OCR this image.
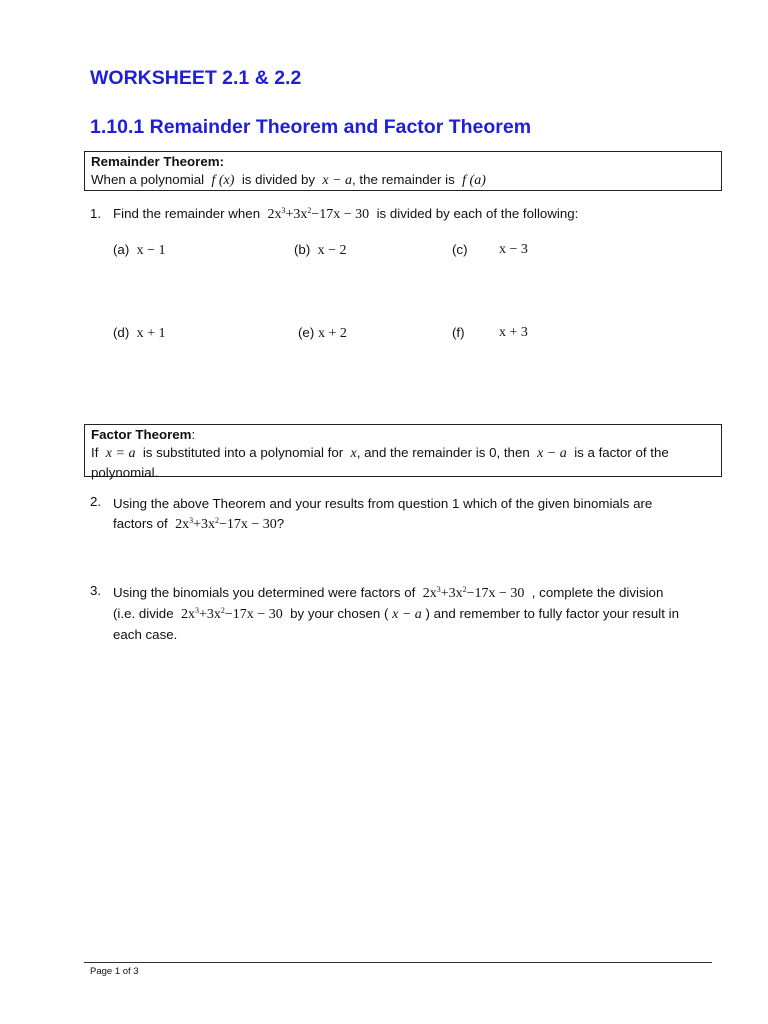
WORKSHEET 2.1 & 2.2
1.10.1 Remainder Theorem and Factor Theorem
Remainder Theorem:
When a polynomial f (x) is divided by x − a, the remainder is f (a)
1. Find the remainder when $2x^3+3x^2-17x - 30$ is divided by each of the following:
(a) x − 1	(b) x − 2	(c) x − 3
(d) x + 1	(e) x + 2	(f) x + 3
Factor Theorem:
If x = a is substituted into a polynomial for x, and the remainder is 0, then x − a is a factor of the polynomial.
2. Using the above Theorem and your results from question 1 which of the given binomials are
factors of $2x^3+3x^2-17x - 30$?
3. Using the binomials you determined were factors of $2x^3+3x^2-17x - 30$ , complete the division
(i.e. divide $2x^3+3x^2-17x - 30$ by your chosen ( x − a ) and remember to fully factor your result in
each case.
Page 1 of 3
